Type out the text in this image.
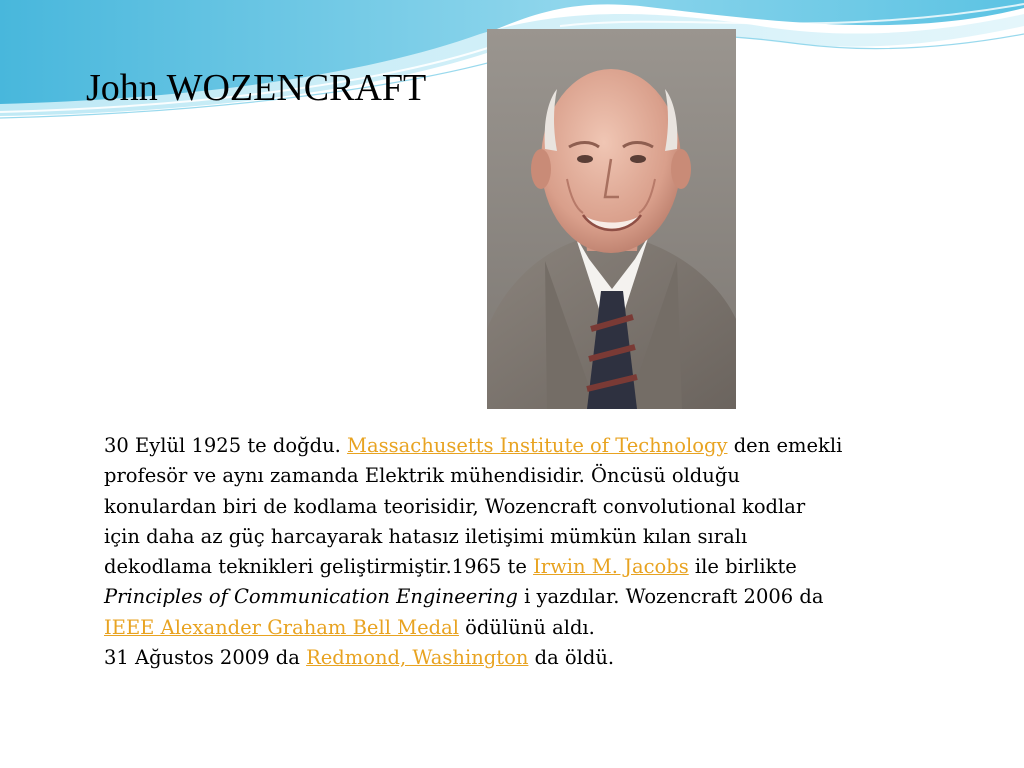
John WOZENCRAFT

30 Eylül 1925 te doğdu. Massachusetts Institute of Technology den emekli
profesör ve aynı zamanda Elektrik mühendisidir. Öncüsü olduğu
konulardan biri de kodlama teorisidir, Wozencraft convolutional kodlar
için daha az güç harcayarak hatasız iletişimi mümkün kılan sıralı
dekodlama teknikleri geliştirmiştir.1965 te Irwin M. Jacobs ile birlikte
Principles of Communication Engineering i yazdılar. Wozencraft 2006 da
IEEE Alexander Graham Bell Medal ödülünü aldı.
31 Ağustos 2009 da Redmond, Washington da öldü.
